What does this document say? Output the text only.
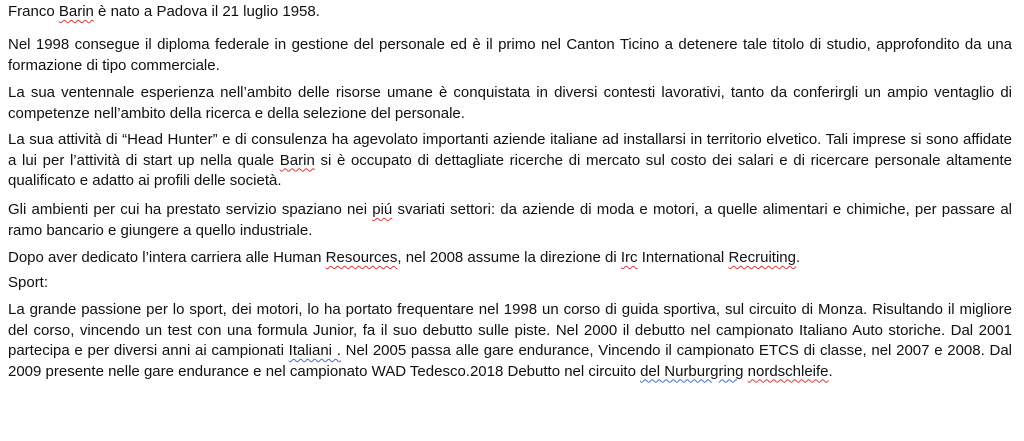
Franco Barin è nato a Padova il 21 luglio 1958.

Nel 1998 consegue il diploma federale in gestione del personale ed è il primo nel Canton Ticino a detenere tale titolo di studio, approfondito da una formazione di tipo commerciale.

La sua ventennale esperienza nell’ambito delle risorse umane è conquistata in diversi contesti lavorativi, tanto da conferirgli un ampio ventaglio di competenze nell’ambito della ricerca e della selezione del personale.

La sua attività di “Head Hunter” e di consulenza ha agevolato importanti aziende italiane ad installarsi in territorio elvetico. Tali imprese si sono affidate a lui per l’attività di start up nella quale Barin si è occupato di dettagliate ricerche di mercato sul costo dei salari e di ricercare personale altamente qualificato e adatto ai profili delle società.

Gli ambienti per cui ha prestato servizio spaziano nei piú svariati settori: da aziende di moda e motori, a quelle alimentari e chimiche, per passare al ramo bancario e giungere a quello industriale.

Dopo aver dedicato l’intera carriera alle Human Resources, nel 2008 assume la direzione di Irc International Recruiting.

Sport:

La grande passione per lo sport, dei motori, lo ha portato frequentare nel 1998 un corso di guida sportiva, sul circuito di Monza. Risultando il migliore del corso, vincendo un test con una formula Junior, fa il suo debutto sulle piste. Nel 2000 il debutto nel campionato Italiano Auto storiche. Dal 2001 partecipa e per diversi anni ai campionati Italiani . Nel 2005 passa alle gare endurance, Vincendo il campionato ETCS di classe, nel 2007 e 2008. Dal 2009 presente nelle gare endurance e nel campionato WAD Tedesco.2018 Debutto nel circuito del Nurburgring nordschleife.
